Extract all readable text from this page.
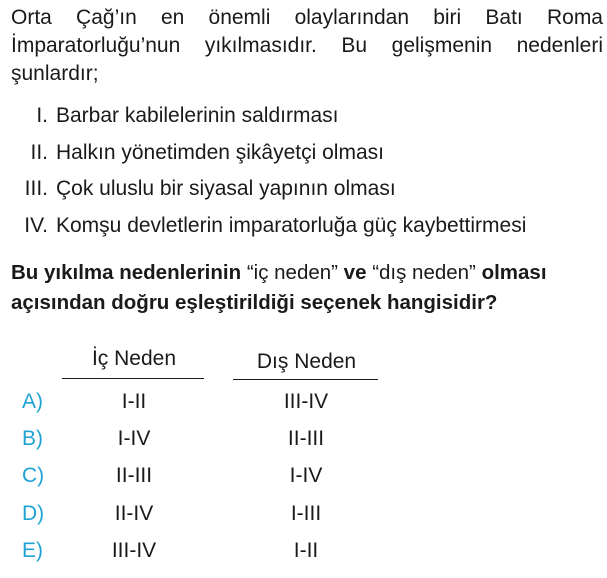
Orta Çağ’ın en önemli olaylarından biri Batı Roma İmparatorluğu’nun yıkılmasıdır. Bu gelişmenin nedenleri şunlardır;
I. Barbar kabilelerinin saldırması
II. Halkın yönetimden şikâyetçi olması
III. Çok uluslu bir siyasal yapının olması
IV. Komşu devletlerin imparatorluğa güç kaybettirmesi
Bu yıkılma nedenlerinin “iç neden” ve “dış neden” olması açısından doğru eşleştirildiği seçenek hangisidir?
İç Neden	Dış Neden
A)	I-II	III-IV
B)	I-IV	II-III
C)	II-III	I-IV
D)	II-IV	I-III
E)	III-IV	I-II
